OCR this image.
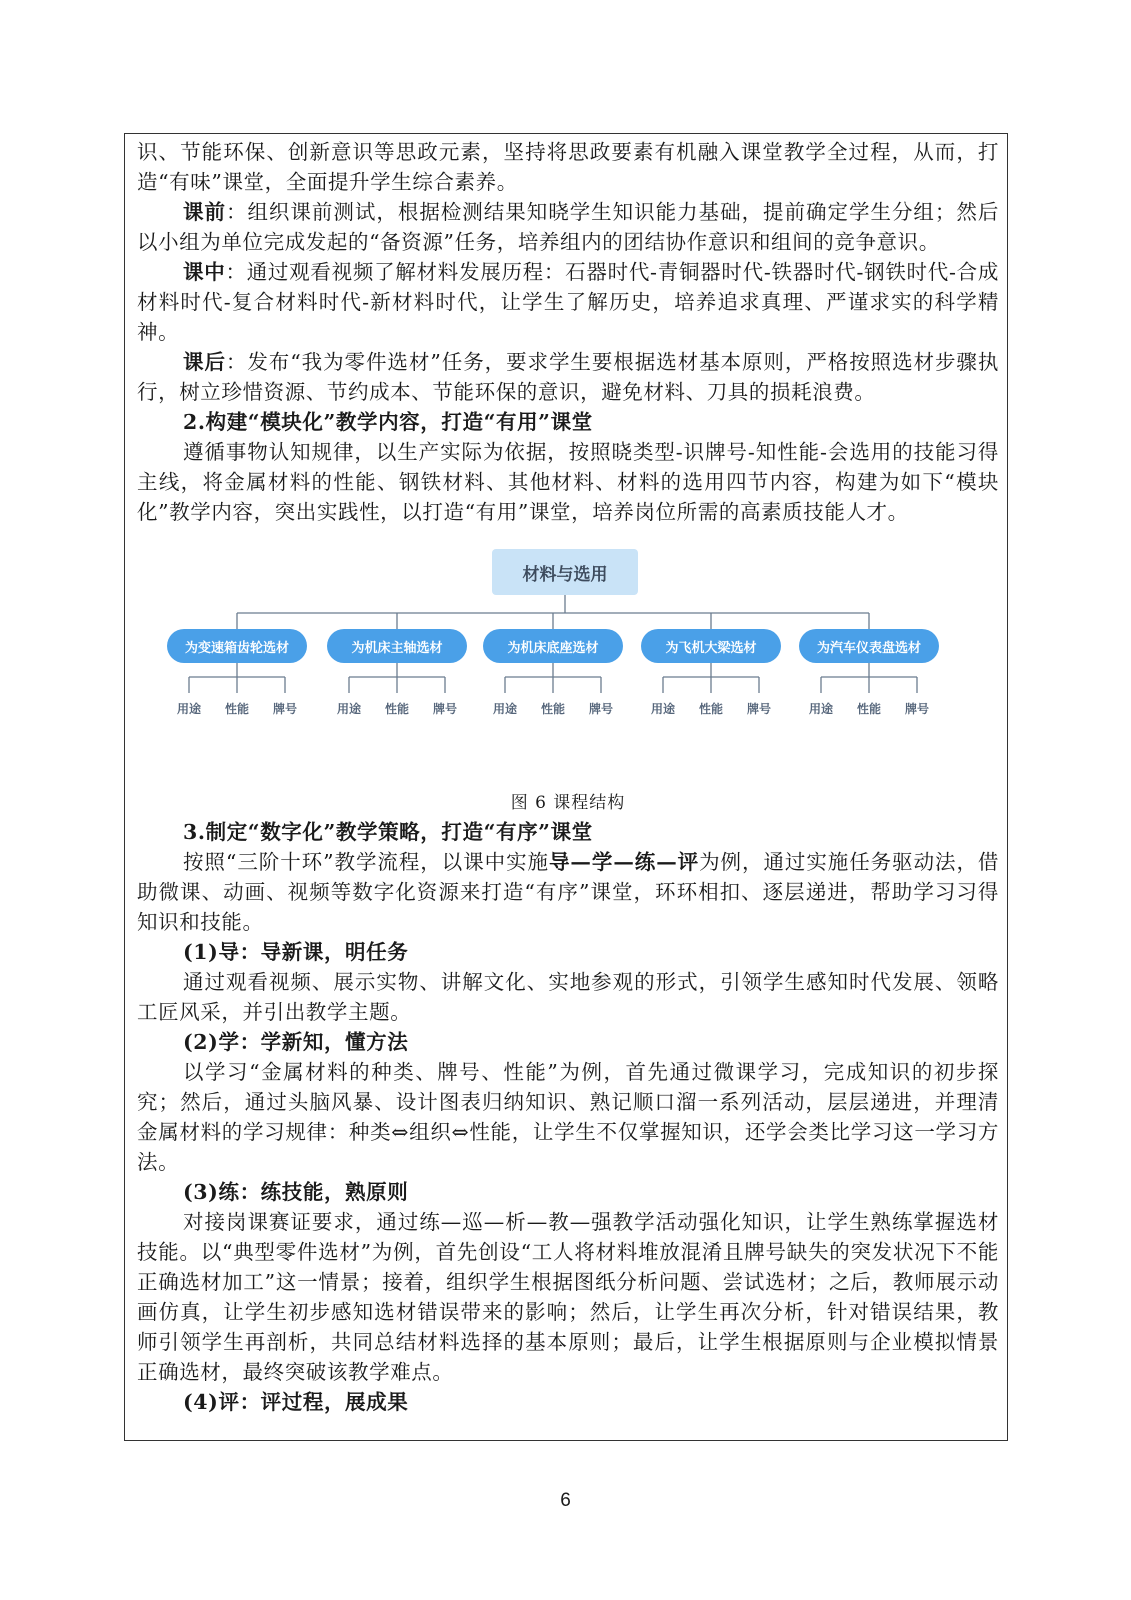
识、节能环保、创新意识等思政元素，坚持将思政要素有机融入课堂教学全过程，从而，打造“有味”课堂，全面提升学生综合素养。

课前：组织课前测试，根据检测结果知晓学生知识能力基础，提前确定学生分组；然后以小组为单位完成发起的“备资源”任务，培养组内的团结协作意识和组间的竞争意识。

课中：通过观看视频了解材料发展历程：石器时代-青铜器时代-铁器时代-钢铁时代-合成材料时代-复合材料时代-新材料时代，让学生了解历史，培养追求真理、严谨求实的科学精神。

课后：发布“我为零件选材”任务，要求学生要根据选材基本原则，严格按照选材步骤执行，树立珍惜资源、节约成本、节能环保的意识，避免材料、刀具的损耗浪费。

2.构建“模块化”教学内容，打造“有用”课堂

遵循事物认知规律，以生产实际为依据，按照晓类型-识牌号-知性能-会选用的技能习得主线，将金属材料的性能、钢铁材料、其他材料、材料的选用四节内容，构建为如下“模块化”教学内容，突出实践性，以打造“有用”课堂，培养岗位所需的高素质技能人才。

材料与选用
为变速箱齿轮选材
用途	性能	牌号
为机床主轴选材
用途	性能	牌号
为机床底座选材
用途	性能	牌号
为飞机大梁选材
用途	性能	牌号
为汽车仪表盘选材
用途	性能	牌号

图 6 课程结构

3.制定“数字化”教学策略，打造“有序”课堂

按照“三阶十环”教学流程，以课中实施导—学—练—评为例，通过实施任务驱动法，借助微课、动画、视频等数字化资源来打造“有序”课堂，环环相扣、逐层递进，帮助学习习得知识和技能。

(1)导：导新课，明任务

通过观看视频、展示实物、讲解文化、实地参观的形式，引领学生感知时代发展、领略工匠风采，并引出教学主题。

(2)学：学新知，懂方法

以学习“金属材料的种类、牌号、性能”为例，首先通过微课学习，完成知识的初步探究；然后，通过头脑风暴、设计图表归纳知识、熟记顺口溜一系列活动，层层递进，并理清金属材料的学习规律：种类⇔组织⇔性能，让学生不仅掌握知识，还学会类比学习这一学习方法。

(3)练：练技能，熟原则

对接岗课赛证要求，通过练—巡—析—教—强教学活动强化知识，让学生熟练掌握选材技能。以“典型零件选材”为例，首先创设“工人将材料堆放混淆且牌号缺失的突发状况下不能正确选材加工”这一情景；接着，组织学生根据图纸分析问题、尝试选材；之后，教师展示动画仿真，让学生初步感知选材错误带来的影响；然后，让学生再次分析，针对错误结果，教师引领学生再剖析，共同总结材料选择的基本原则；最后，让学生根据原则与企业模拟情景正确选材，最终突破该教学难点。

(4)评：评过程，展成果

6
